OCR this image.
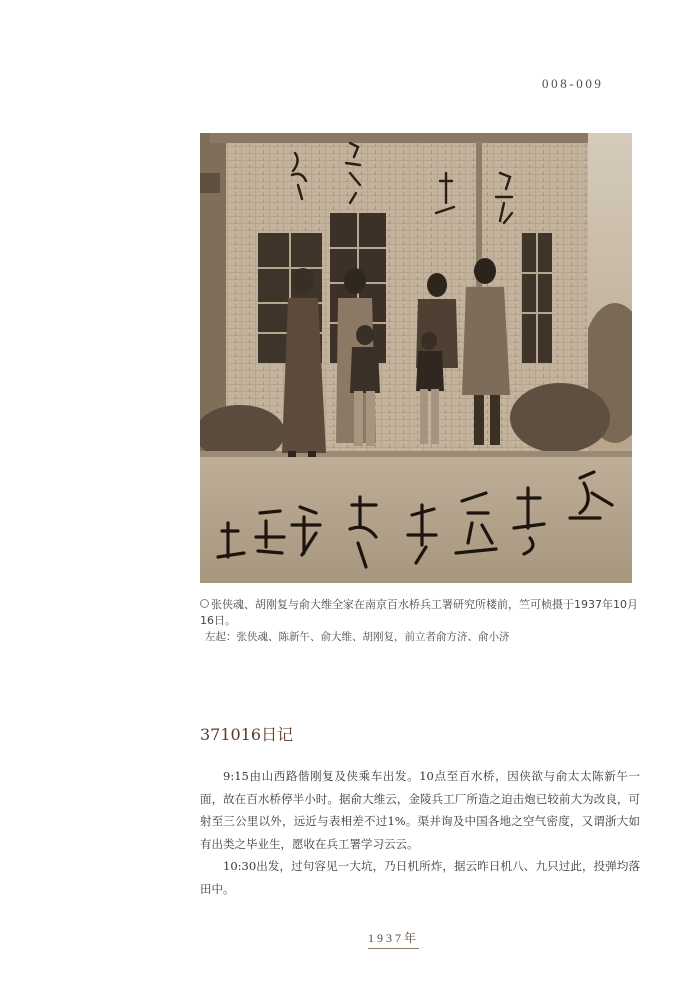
008-009
张侠魂、胡刚复与俞大维全家在南京百水桥兵工署研究所楼前，竺可桢摄于1937年10月16日。
左起：张侠魂、陈新午、俞大维、胡刚复，前立者俞方济、俞小济
371016日记

9:15由山西路偕刚复及侠乘车出发。10点至百水桥，因侠欲与俞太太陈新午一面，故在百水桥停半小时。据俞大维云，金陵兵工厂所造之迫击炮已较前大为改良，可射至三公里以外，远近与表相差不过1%。渠并询及中国各地之空气密度，又谓浙大如有出类之毕业生，愿收在兵工署学习云云。

10:30出发，过句容见一大坑，乃日机所炸，据云昨日机八、九只过此，投弹均落田中。

1937年
